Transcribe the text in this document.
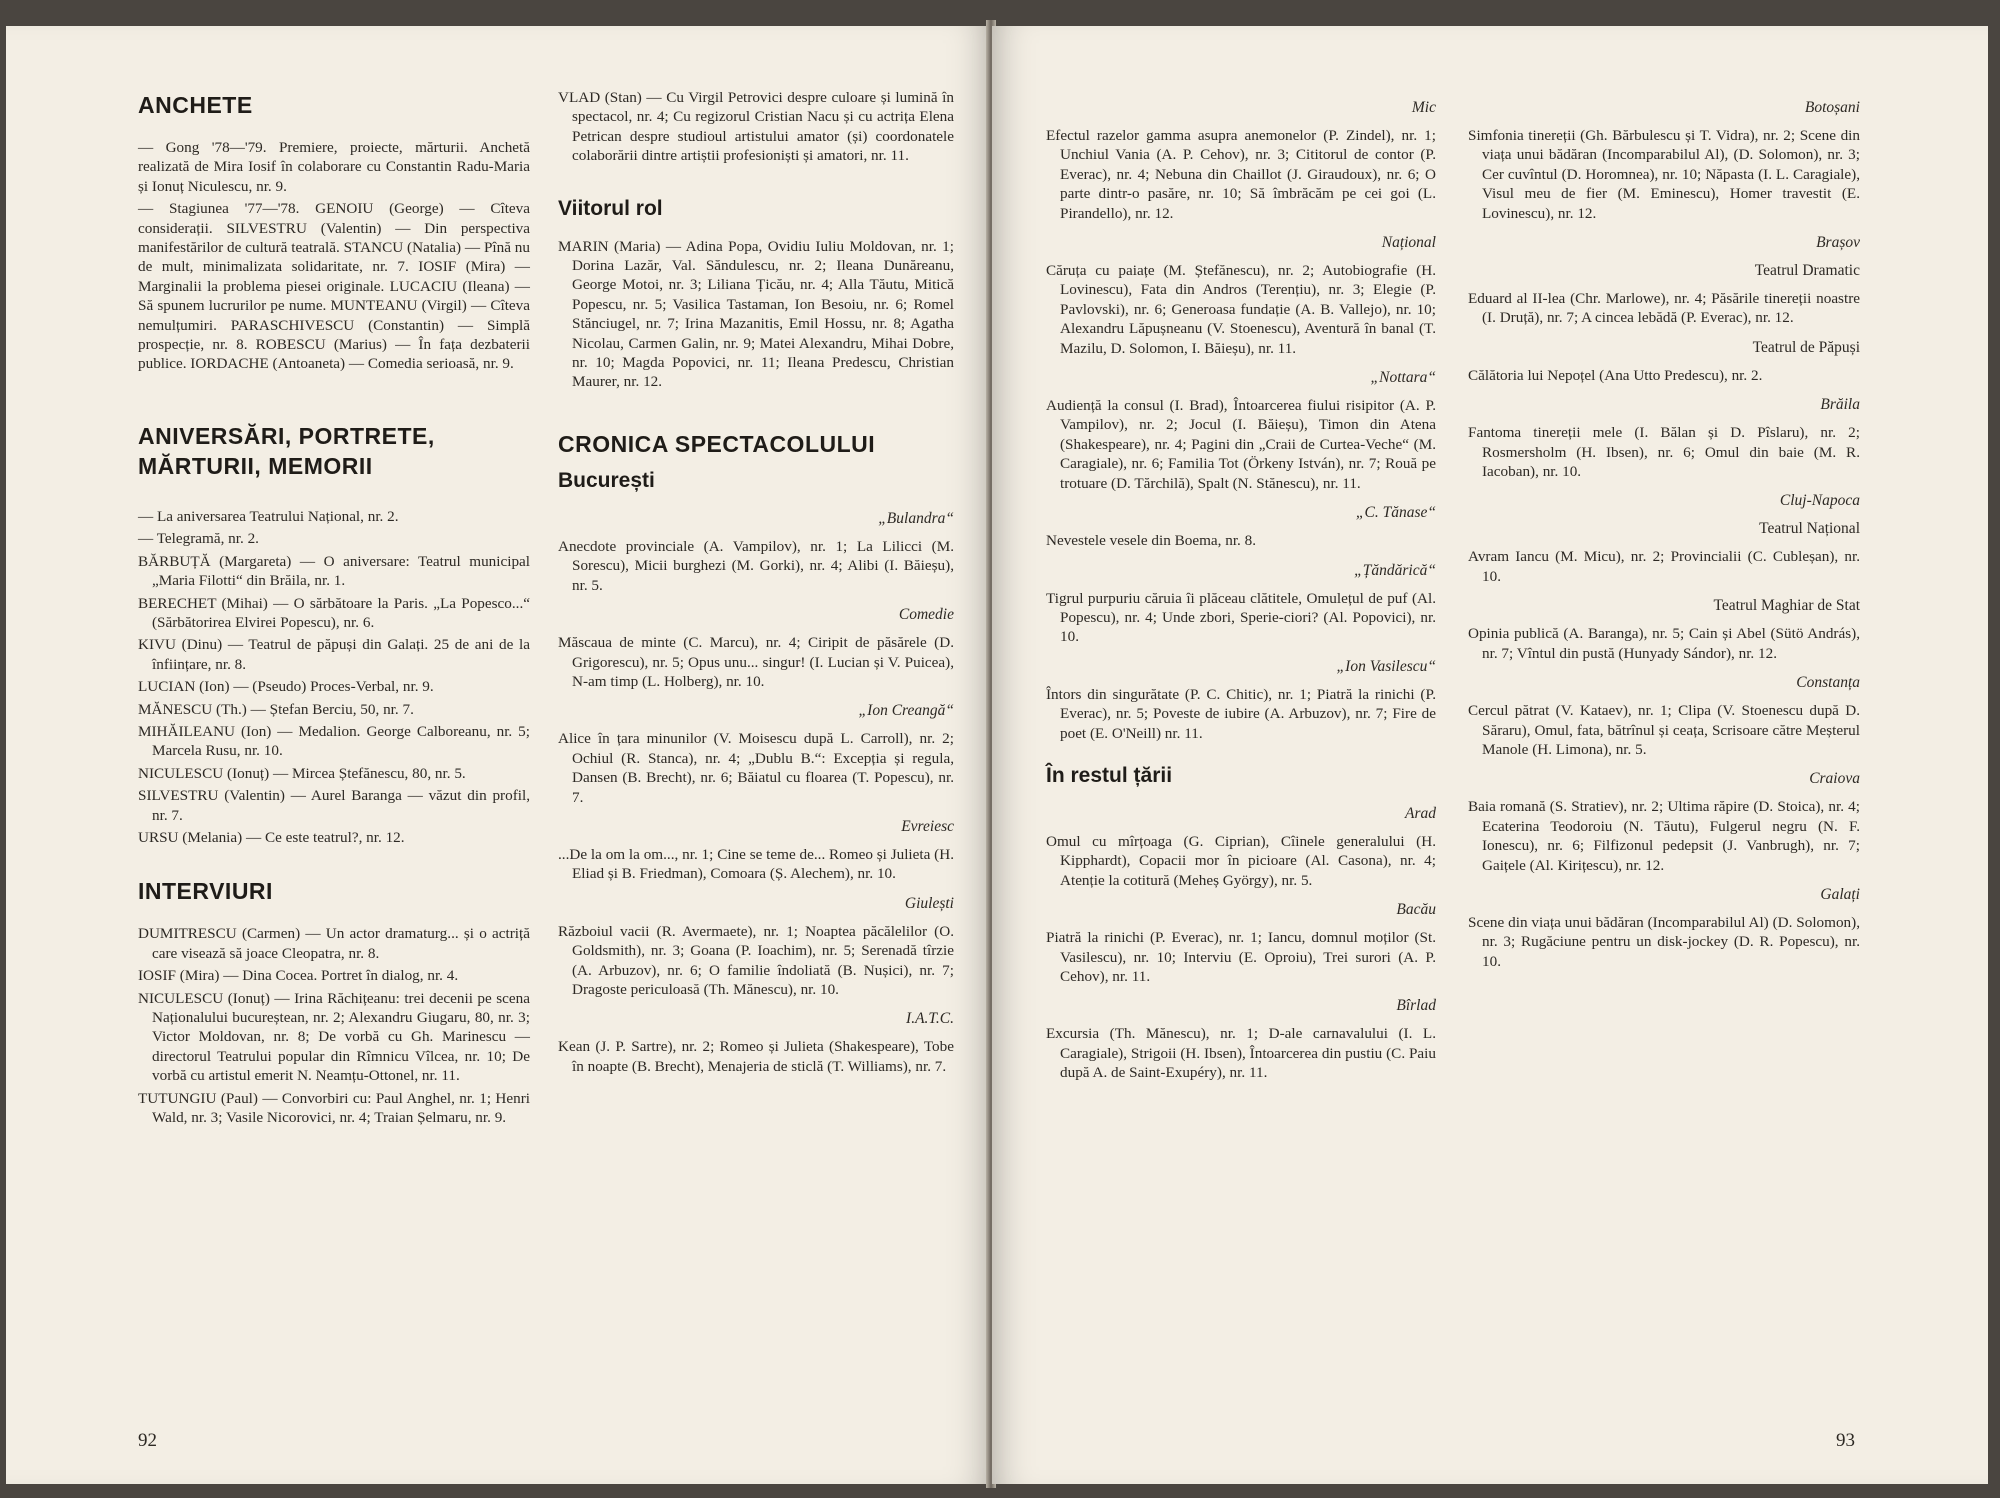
ANCHETE

— Gong '78—'79. Premiere, proiecte, mărturii. Anchetă realizată de Mira Iosif în colaborare cu Constantin Radu-Maria și Ionuț Niculescu, nr. 9.

— Stagiunea '77—'78. GENOIU (George) — Cîteva considerații. SILVESTRU (Valentin) — Din perspectiva manifestărilor de cultură teatrală. STANCU (Natalia) — Pînă nu de mult, minimalizata solidaritate, nr. 7. IOSIF (Mira) — Marginalii la problema piesei originale. LUCACIU (Ileana) — Să spunem lucrurilor pe nume. MUNTEANU (Virgil) — Cîteva nemulțumiri. PARASCHIVESCU (Constantin) — Simplă prospecție, nr. 8. ROBESCU (Marius) — În fața dezbaterii publice. IORDACHE (Antoaneta) — Comedia serioasă, nr. 9.

ANIVERSĂRI, PORTRETE,
MĂRTURII, MEMORII

— La aniversarea Teatrului Național, nr. 2.

— Telegramă, nr. 2.

BĂRBUȚĂ (Margareta) — O aniversare: Teatrul municipal „Maria Filotti“ din Brăila, nr. 1.

BERECHET (Mihai) — O sărbătoare la Paris. „La Popesco...“ (Sărbătorirea Elvirei Popescu), nr. 6.

KIVU (Dinu) — Teatrul de păpuși din Galați. 25 de ani de la înființare, nr. 8.

LUCIAN (Ion) — (Pseudo) Proces-Verbal, nr. 9.

MĂNESCU (Th.) — Ștefan Berciu, 50, nr. 7.

MIHĂILEANU (Ion) — Medalion. George Calboreanu, nr. 5; Marcela Rusu, nr. 10.

NICULESCU (Ionuț) — Mircea Ștefănescu, 80, nr. 5.

SILVESTRU (Valentin) — Aurel Baranga — văzut din profil, nr. 7.

URSU (Melania) — Ce este teatrul?, nr. 12.

INTERVIURI

DUMITRESCU (Carmen) — Un actor dramaturg... și o actriță care visează să joace Cleopatra, nr. 8.

IOSIF (Mira) — Dina Cocea. Portret în dialog, nr. 4.

NICULESCU (Ionuț) — Irina Răchițeanu: trei decenii pe scena Naționalului bucureștean, nr. 2; Alexandru Giugaru, 80, nr. 3; Victor Moldovan, nr. 8; De vorbă cu Gh. Marinescu — directorul Teatrului popular din Rîmnicu Vîlcea, nr. 10; De vorbă cu artistul emerit N. Neamțu-Ottonel, nr. 11.

TUTUNGIU (Paul) — Convorbiri cu: Paul Anghel, nr. 1; Henri Wald, nr. 3; Vasile Nicorovici, nr. 4; Traian Șelmaru, nr. 9.

VLAD (Stan) — Cu Virgil Petrovici despre culoare și lumină în spectacol, nr. 4; Cu regizorul Cristian Nacu și cu actrița Elena Petrican despre studioul artistului amator (și) coordonatele colaborării dintre artiștii profesioniști și amatori, nr. 11.

Viitorul rol

MARIN (Maria) — Adina Popa, Ovidiu Iuliu Moldovan, nr. 1; Dorina Lazăr, Val. Săndulescu, nr. 2; Ileana Dunăreanu, George Motoi, nr. 3; Liliana Țicău, nr. 4; Alla Tăutu, Mitică Popescu, nr. 5; Vasilica Tastaman, Ion Besoiu, nr. 6; Romel Stănciugel, nr. 7; Irina Mazanitis, Emil Hossu, nr. 8; Agatha Nicolau, Carmen Galin, nr. 9; Matei Alexandru, Mihai Dobre, nr. 10; Magda Popovici, nr. 11; Ileana Predescu, Christian Maurer, nr. 12.

CRONICA SPECTACOLULUI
București
„Bulandra“

Anecdote provinciale (A. Vampilov), nr. 1; La Lilicci (M. Sorescu), Micii burghezi (M. Gorki), nr. 4; Alibi (I. Băieșu), nr. 5.

Comedie

Măscaua de minte (C. Marcu), nr. 4; Ciripit de păsărele (D. Grigorescu), nr. 5; Opus unu... singur! (I. Lucian și V. Puicea), N-am timp (L. Holberg), nr. 10.

„Ion Creangă“

Alice în țara minunilor (V. Moisescu după L. Carroll), nr. 2; Ochiul (R. Stanca), nr. 4; „Dublu B.“: Excepția și regula, Dansen (B. Brecht), nr. 6; Băiatul cu floarea (T. Popescu), nr. 7.

Evreiesc

...De la om la om..., nr. 1; Cine se teme de... Romeo și Julieta (H. Eliad și B. Friedman), Comoara (Ș. Alechem), nr. 10.

Giulești

Războiul vacii (R. Avermaete), nr. 1; Noaptea păcălelilor (O. Goldsmith), nr. 3; Goana (P. Ioachim), nr. 5; Serenadă tîrzie (A. Arbuzov), nr. 6; O familie îndoliată (B. Nușici), nr. 7; Dragoste periculoasă (Th. Mănescu), nr. 10.

I.A.T.C.

Kean (J. P. Sartre), nr. 2; Romeo și Julieta (Shakespeare), Tobe în noapte (B. Brecht), Menajeria de sticlă (T. Williams), nr. 7.

92
Mic

Efectul razelor gamma asupra anemonelor (P. Zindel), nr. 1; Unchiul Vania (A. P. Cehov), nr. 3; Cititorul de contor (P. Everac), nr. 4; Nebuna din Chaillot (J. Giraudoux), nr. 6; O parte dintr-o pasăre, nr. 10; Să îmbrăcăm pe cei goi (L. Pirandello), nr. 12.

Național

Căruța cu paiațe (M. Ștefănescu), nr. 2; Autobiografie (H. Lovinescu), Fata din Andros (Terențiu), nr. 3; Elegie (P. Pavlovski), nr. 6; Generoasa fundație (A. B. Vallejo), nr. 10; Alexandru Lăpușneanu (V. Stoenescu), Aventură în banal (T. Mazilu, D. Solomon, I. Băieșu), nr. 11.

„Nottara“

Audiență la consul (I. Brad), Întoarcerea fiului risipitor (A. P. Vampilov), nr. 2; Jocul (I. Băieșu), Timon din Atena (Shakespeare), nr. 4; Pagini din „Craii de Curtea-Veche“ (M. Caragiale), nr. 6; Familia Tot (Örkeny István), nr. 7; Rouă pe trotuare (D. Tărchilă), Spalt (N. Stănescu), nr. 11.

„C. Tănase“

Nevestele vesele din Boema, nr. 8.

„Țăndărică“

Tigrul purpuriu căruia îi plăceau clătitele, Omulețul de puf (Al. Popescu), nr. 4; Unde zbori, Sperie-ciori? (Al. Popovici), nr. 10.

„Ion Vasilescu“

Întors din singurătate (P. C. Chitic), nr. 1; Piatră la rinichi (P. Everac), nr. 5; Poveste de iubire (A. Arbuzov), nr. 7; Fire de poet (E. O'Neill) nr. 11.

În restul țării
Arad

Omul cu mîrțoaga (G. Ciprian), Cîinele generalului (H. Kipphardt), Copacii mor în picioare (Al. Casona), nr. 4; Atenție la cotitură (Meheș György), nr. 5.

Bacău

Piatră la rinichi (P. Everac), nr. 1; Iancu, domnul moților (St. Vasilescu), nr. 10; Interviu (E. Oproiu), Trei surori (A. P. Cehov), nr. 11.

Bîrlad

Excursia (Th. Mănescu), nr. 1; D-ale carnavalului (I. L. Caragiale), Strigoii (H. Ibsen), Întoarcerea din pustiu (C. Paiu după A. de Saint-Exupéry), nr. 11.

Botoșani

Simfonia tinereții (Gh. Bărbulescu și T. Vidra), nr. 2; Scene din viața unui bădăran (Incomparabilul Al), (D. Solomon), nr. 3; Cer cuvîntul (D. Horomnea), nr. 10; Năpasta (I. L. Caragiale), Visul meu de fier (M. Eminescu), Homer travestit (E. Lovinescu), nr. 12.

Brașov
Teatrul Dramatic

Eduard al II-lea (Chr. Marlowe), nr. 4; Păsările tinereții noastre (I. Druță), nr. 7; A cincea lebădă (P. Everac), nr. 12.

Teatrul de Păpuși

Călătoria lui Nepoțel (Ana Utto Predescu), nr. 2.

Brăila

Fantoma tinereții mele (I. Bălan și D. Pîslaru), nr. 2; Rosmersholm (H. Ibsen), nr. 6; Omul din baie (M. R. Iacoban), nr. 10.

Cluj-Napoca
Teatrul Național

Avram Iancu (M. Micu), nr. 2; Provincialii (C. Cubleșan), nr. 10.

Teatrul Maghiar de Stat

Opinia publică (A. Baranga), nr. 5; Cain și Abel (Sütö András), nr. 7; Vîntul din pustă (Hunyady Sándor), nr. 12.

Constanța

Cercul pătrat (V. Kataev), nr. 1; Clipa (V. Stoenescu după D. Săraru), Omul, fata, bătrînul și ceața, Scrisoare către Meșterul Manole (H. Limona), nr. 5.

Craiova

Baia romană (S. Stratiev), nr. 2; Ultima răpire (D. Stoica), nr. 4; Ecaterina Teodoroiu (N. Tăutu), Fulgerul negru (N. F. Ionescu), nr. 6; Filfizonul pedepsit (J. Vanbrugh), nr. 7; Gaițele (Al. Kirițescu), nr. 12.

Galați

Scene din viața unui bădăran (Incomparabilul Al) (D. Solomon), nr. 3; Rugăciune pentru un disk-jockey (D. R. Popescu), nr. 10.

93
